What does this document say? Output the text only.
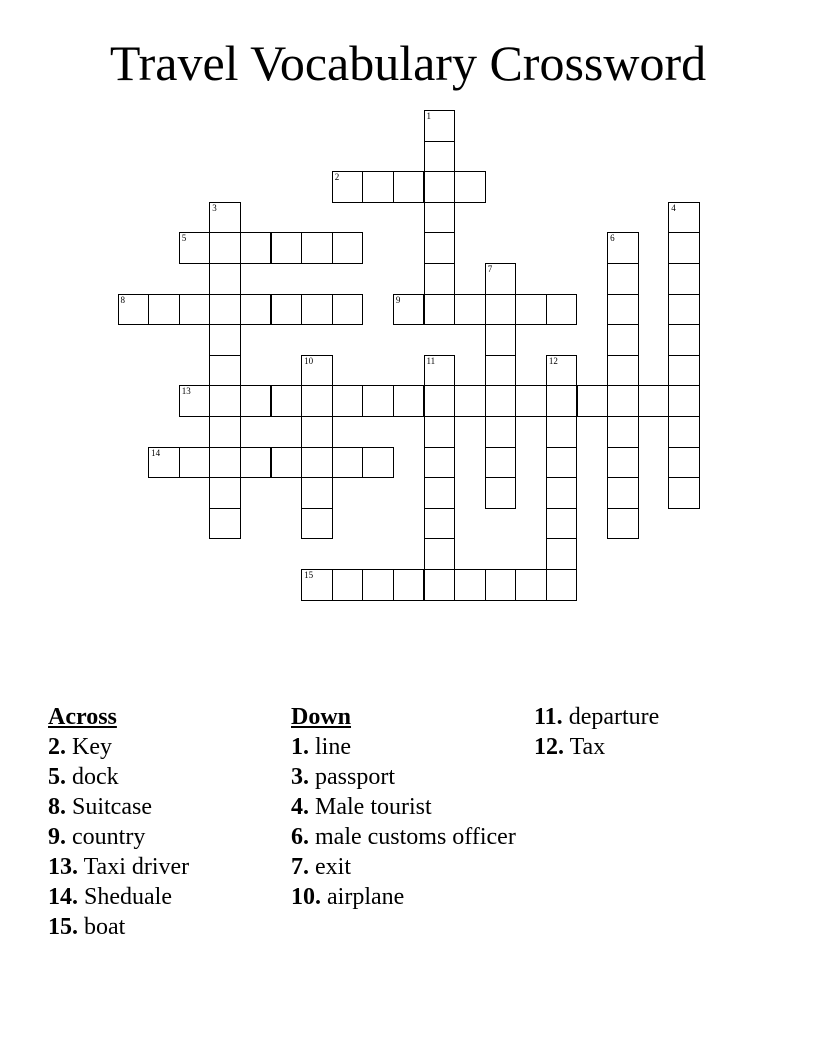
Travel Vocabulary Crossword
1
2
3	4
5	6
7
8	9
10	11	12
13
14
15
Across
2. Key
5. dock
8. Suitcase
9. country
13. Taxi driver
14. Sheduale
15. boat
Down
1. line
3. passport
4. Male tourist
6. male customs officer
7. exit
10. airplane
11. departure
12. Tax
